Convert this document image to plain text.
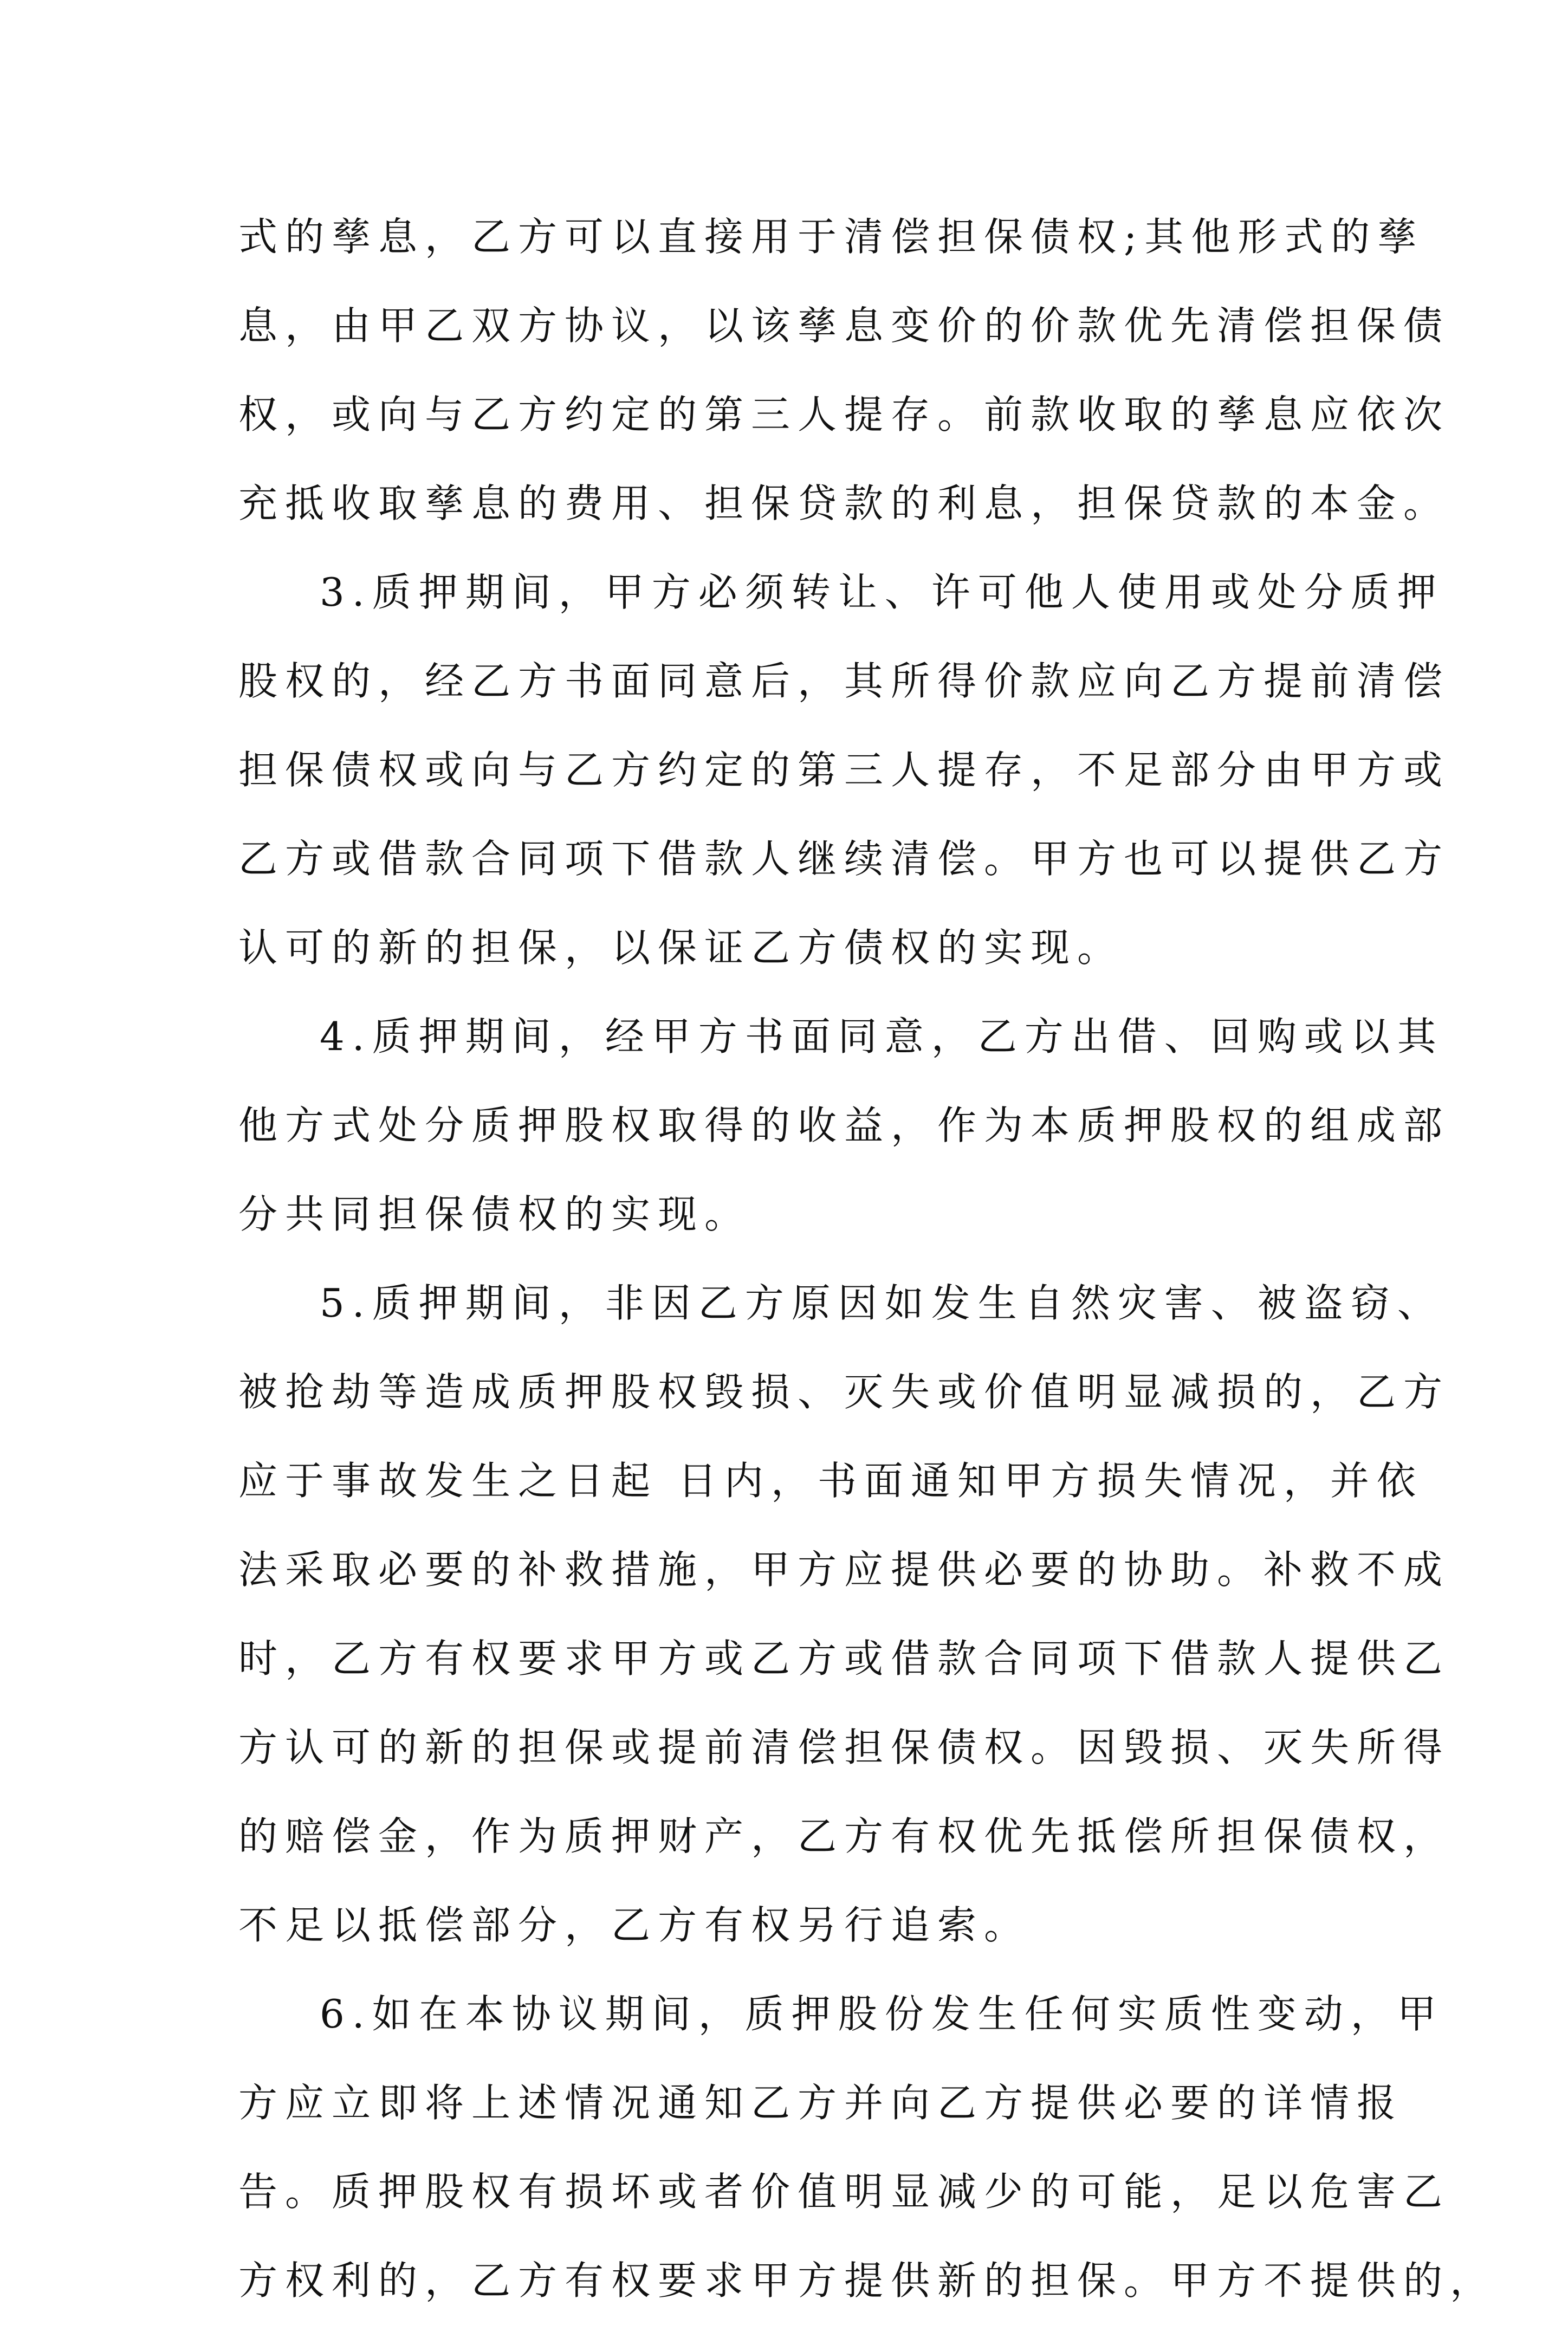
式的孳息，乙方可以直接用于清偿担保债权;其他形式的孳
息，由甲乙双方协议，以该孳息变价的价款优先清偿担保债
权，或向与乙方约定的第三人提存。前款收取的孳息应依次
充抵收取孳息的费用、担保贷款的利息，担保贷款的本金。
3.质押期间，甲方必须转让、许可他人使用或处分质押
股权的，经乙方书面同意后，其所得价款应向乙方提前清偿
担保债权或向与乙方约定的第三人提存，不足部分由甲方或
乙方或借款合同项下借款人继续清偿。甲方也可以提供乙方
认可的新的担保，以保证乙方债权的实现。
4.质押期间，经甲方书面同意，乙方出借、回购或以其
他方式处分质押股权取得的收益，作为本质押股权的组成部
分共同担保债权的实现。
5.质押期间，非因乙方原因如发生自然灾害、被盗窃、
被抢劫等造成质押股权毁损、灭失或价值明显减损的，乙方
应于事故发生之日起 日内，书面通知甲方损失情况，并依
法采取必要的补救措施，甲方应提供必要的协助。补救不成
时，乙方有权要求甲方或乙方或借款合同项下借款人提供乙
方认可的新的担保或提前清偿担保债权。因毁损、灭失所得
的赔偿金，作为质押财产，乙方有权优先抵偿所担保债权，
不足以抵偿部分，乙方有权另行追索。
6.如在本协议期间，质押股份发生任何实质性变动，甲
方应立即将上述情况通知乙方并向乙方提供必要的详情报
告。质押股权有损坏或者价值明显减少的可能，足以危害乙
方权利的，乙方有权要求甲方提供新的担保。甲方不提供的，
